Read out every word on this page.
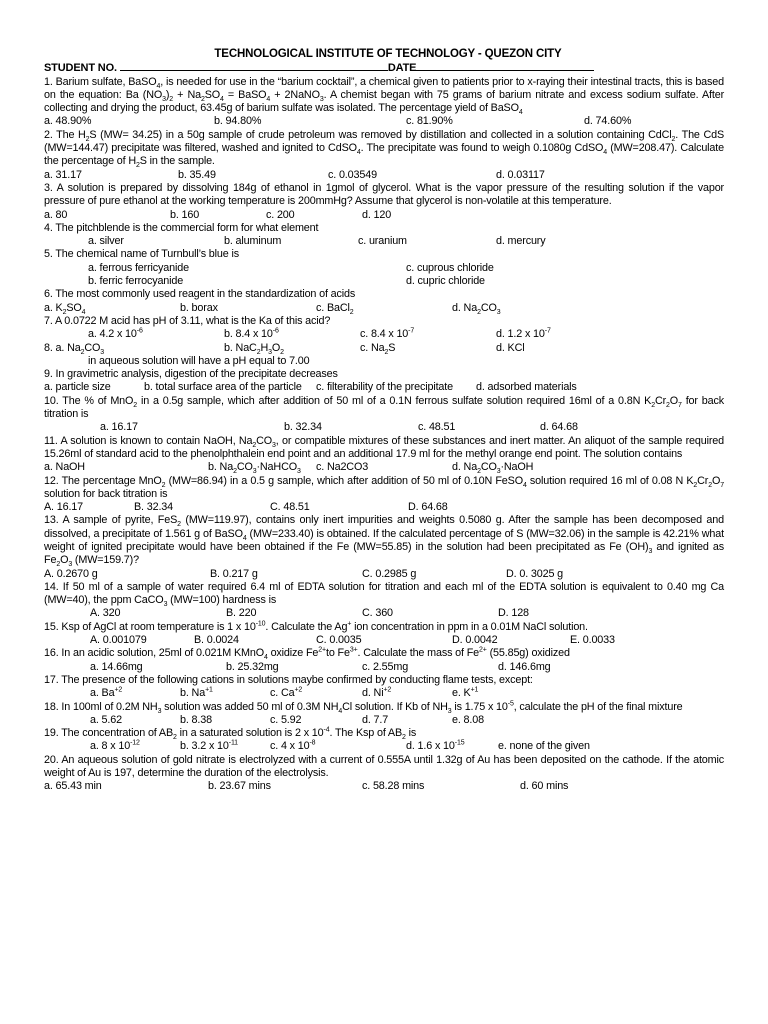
TECHNOLOGICAL INSTITUTE OF TECHNOLOGY - QUEZON CITY
STUDENT NO.	DATE
1. Barium sulfate, BaSO$_4$, is needed for use in the “barium cocktail”, a chemical given to patients prior to x-raying their intestinal tracts, this is based on the equation: Ba $(NO_3)_2 + Na_2SO_4$ = BaSO$_4$ + 2NaNO$_3$. A chemist began with 75 grams of barium nitrate and excess sodium sulfate. After collecting and drying the product, 63.45g of barium sulfate was isolated. The percentage yield of BaSO$_4$
a. 48.90%	b. 94.80%	c. 81.90%	d. 74.60%
2. The $H_2S$ (MW= 34.25) in a 50g sample of crude petroleum was removed by distillation and collected in a solution containing CdCl$_2$. The CdS (MW=144.47) precipitate was filtered, washed and ignited to CdSO$_4$. The precipitate was found to weigh 0.1080g CdSO$_4$ (MW=208.47). Calculate the percentage of $H_2S$ in the sample.
a. 31.17	b. 35.49	c. 0.03549	d. 0.03117
3. A solution is prepared by dissolving 184g of ethanol in 1gmol of glycerol. What is the vapor pressure of the resulting solution if the vapor pressure of pure ethanol at the working temperature is 200mmHg? Assume that glycerol is non-volatile at this temperature.
a. 80	b. 160	c. 200	d. 120
4. The pitchblende is the commercial form for what element
a. silver	b. aluminum	c. uranium	d. mercury
5. The chemical name of Turnbull’s blue is
a. ferrous ferricyanide	c. cuprous chloride
b. ferric ferrocyanide	d. cupric chloride
6. The most commonly used reagent in the standardization of acids
a. $K_2SO_4$	b. borax	c. BaCl$_2$	d. $Na_2CO_3$
7. A 0.0722 M acid has pH of 3.11, what is the Ka of this acid?
a. 4.2 x $10^{-6}$	b. 8.4 x $10^{-6}$	c. 8.4 x $10^{-7}$	d. 1.2 x $10^{-7}$
8. a. $Na_2CO_3$	b. $NaC_2H_3O_2$	c. $Na_2S$	d. KCl
in aqueous solution will have a pH equal to 7.00
9. In gravimetric analysis, digestion of the precipitate decreases
a. particle size	b. total surface area of the particle c. filterability of the precipitate d. adsorbed materials
10. The % of MnO$_2$ in a 0.5g sample, which after addition of 50 ml of a 0.1N ferrous sulfate solution required 16ml of a 0.8N $K_2Cr_2O_7$ for back titration is
a. 16.17	b. 32.34	c. 48.51	d. 64.68
11. A solution is known to contain NaOH, $Na_2CO_3$, or compatible mixtures of these substances and inert matter. An aliquot of the sample required 15.26ml of standard acid to the phenolphthalein end point and an additional 17.9 ml for the methyl orange end point. The solution contains
a. NaOH	b. $Na_2CO_3\cdot NaHCO_3$ c. Na2CO3	d. $Na_2CO_3\cdot NaOH$
12. The percentage MnO$_2$ (MW=86.94) in a 0.5 g sample, which after addition of 50 ml of 0.10N FeSO$_4$ solution required 16 ml of 0.08 N $K_2Cr_2O_7$ solution for back titration is
A. 16.17	B. 32.34	C. 48.51	D. 64.68
13. A sample of pyrite, FeS$_2$ (MW=119.97), contains only inert impurities and weights 0.5080 g. After the sample has been decomposed and dissolved, a precipitate of 1.561 g of BaSO$_4$ (MW=233.40) is obtained. If the calculated percentage of S (MW=32.06) in the sample is 42.21% what weight of ignited precipitate would have been obtained if the Fe (MW=55.85) in the solution had been precipitated as Fe $(OH)_3$ and ignited as $Fe_2O_3$ (MW=159.7)?
A. 0.2670 g	B. 0.217 g	C. 0.2985 g	D. 0. 3025 g
14. If 50 ml of a sample of water required 6.4 ml of EDTA solution for titration and each ml of the EDTA solution is equivalent to 0.40 mg Ca (MW=40), the ppm CaCO$_3$ (MW=100) hardness is
A. 320	B. 220	C. 360	D. 128
15. Ksp of AgCl at room temperature is 1 x $10^{-10}$. Calculate the Ag+ ion concentration in ppm in a 0.01M NaCl solution.
A. 0.001079	B. 0.0024	C. 0.0035	D. 0.0042	E. 0.0033
16. In an acidic solution, 25ml of 0.021M KMnO$_4$ oxidize $Fe^{2+}to$ $Fe^{3+}$. Calculate the mass of $Fe^{2+}$ (55.85g) oxidized
a. 14.66mg	b. 25.32mg	c. 2.55mg	d. 146.6mg
17. The presence of the following cations in solutions maybe confirmed by conducting flame tests, except:
a. $Ba^{+2}$	b. $Na^{+1}$	c. $Ca^{+2}$	d. $Ni^{+2}$	e. $K^{+1}$
18. In 100ml of 0.2M $NH_3$ solution was added 50 ml of 0.3M $NH_4Cl$ solution. If Kb of $NH_3$ is 1.75 x $10^{-5}$, calculate the pH of the final mixture
a. 5.62	b. 8.38	c. 5.92	d. 7.7	e. 8.08
19. The concentration of $AB_2$ in a saturated solution is 2 x $10^{-4}$. The Ksp of $AB_2$ is
a. 8 x $10^{-12}$	b. 3.2 x $10^{-11}$	c. 4 x $10^{-8}$	d. 1.6 x $10^{-15}$	e. none of the given
20. An aqueous solution of gold nitrate is electrolyzed with a current of 0.555A until 1.32g of Au has been deposited on the cathode. If the atomic weight of Au is 197, determine the duration of the electrolysis.
a. 65.43 min	b. 23.67 mins	c. 58.28 mins	d. 60 mins
